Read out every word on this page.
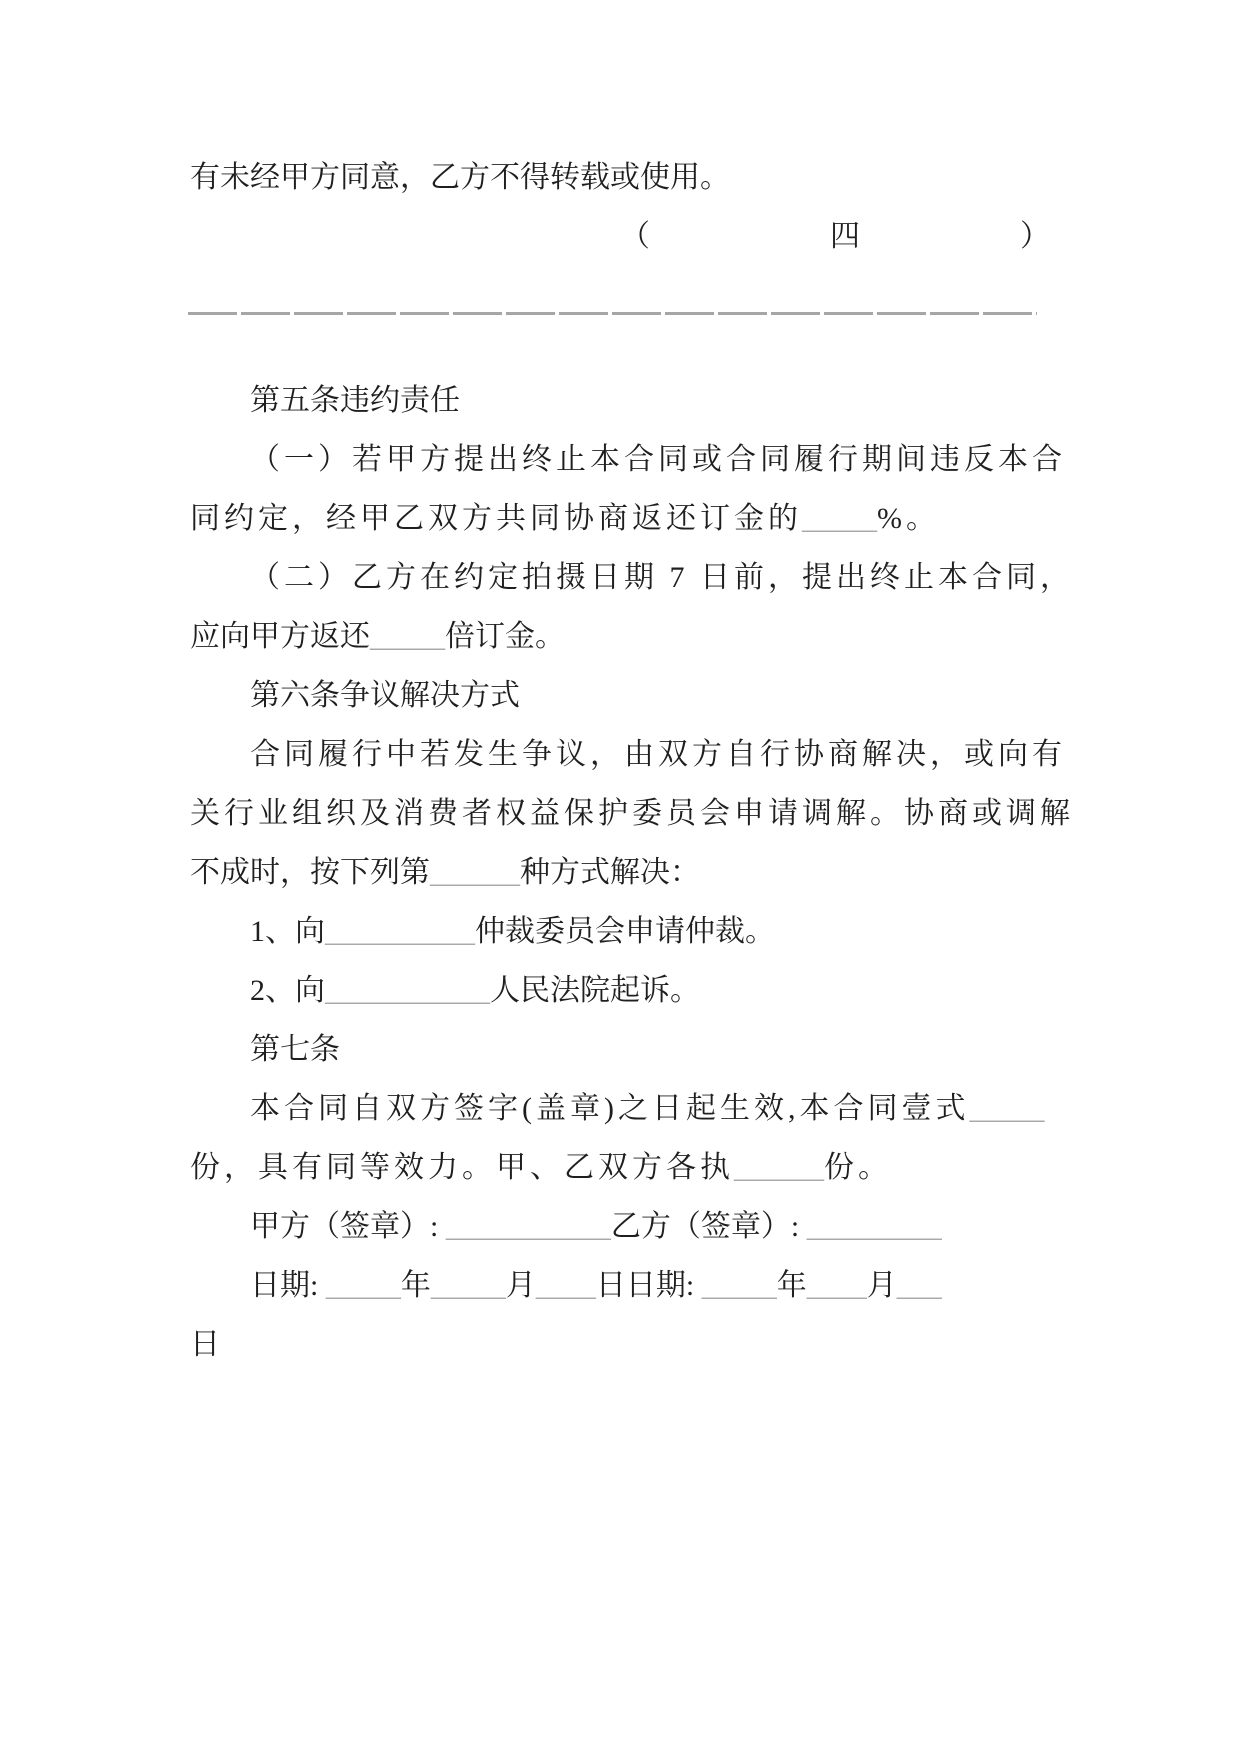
有未经甲方同意，乙方不得转载或使用。
（	四	）
第五条违约责任
（一）若甲方提出终止本合同或合同履行期间违反本合
同约定，经甲乙双方共同协商返还订金的_____%。
（二）乙方在约定拍摄日期 7 日前，提出终止本合同，
应向甲方返还_____倍订金。
第六条争议解决方式
合同履行中若发生争议，由双方自行协商解决，或向有
关行业组织及消费者权益保护委员会申请调解。协商或调解
不成时，按下列第______种方式解决：
1、向__________仲裁委员会申请仲裁。
2、向___________人民法院起诉。
第七条
本合同自双方签字(盖章)之日起生效,本合同壹式_____
份，具有同等效力。甲、乙双方各执______份。
甲方（签章）: ___________乙方（签章）: _________
日期: _____年_____月____日日期: _____年____月___
日
